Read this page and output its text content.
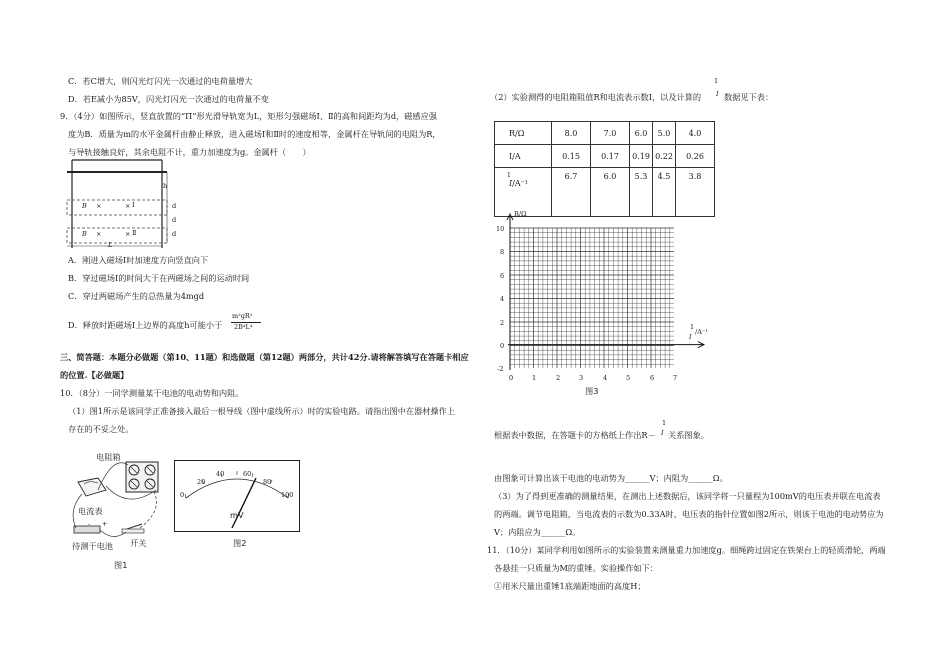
C．若C增大，则闪光灯闪光一次通过的电荷量增大
D．若E减小为85V，闪光灯闪光一次通过的电荷量不变
9．（4分）如图所示，竖直放置的“Π”形光滑导轨宽为L，矩形匀强磁场Ⅰ、Ⅱ的高和间距均为d，磁感应强
度为B．质量为m的水平金属杆由静止释放，进入磁场Ⅰ和Ⅱ时的速度相等，金属杆在导轨间的电阻为R，
与导轨接触良好，其余电阻不计，重力加速度为g。金属杆（　　）
h
d
d
d
B ×	× Ⅰ
B ×	× Ⅱ
L
A．刚进入磁场Ⅰ时加速度方向竖直向下
B．穿过磁场Ⅰ的时间大于在两磁场之间的运动时间
C．穿过两磁场产生的总热量为4mgd
D．释放时距磁场Ⅰ上边界的高度h可能小于
m²gR²
2B⁴L⁴
三、简答题：本题分必做题（第10、11题）和选做题（第12题）两部分，共计42分.请将解答填写在答题卡相应
的位置.【必做题】
10．（8分）一同学测量某干电池的电动势和内阻。
（1）图1所示是该同学正准备接入最后一根导线（图中虚线所示）时的实验电路。请指出图中在器材操作上
存在的不妥之处。
电阻箱
电流表
- +
待测干电池 开关
图1
0
20
40	60
80
100
mV
图2
1
（2）实验测得的电阻箱阻值R和电流表示数I，以及计算的 I 数据见下表：
R/Ω	8.0	7.0	6.0	5.0	4.0
I/A	0.15	0.17	0.19	0.22	0.26

1
I/A⁻¹	6.7	6.0	5.3	4.5	3.8
R/Ω
10
8
6
4
2
0
-2
0	1	2	3	4	5	6	7
1
I
/A⁻¹
图3
根据表中数据，在答题卡的方格纸上作出R－
1
I 关系图象。
由图象可计算出该干电池的电动势为______V；内阻为______Ω。
（3）为了得到更准确的测量结果，在测出上述数据后，该同学将一只量程为100mV的电压表并联在电流表
的两端。调节电阻箱，当电流表的示数为0.33A时，电压表的指针位置如图2所示，则该干电池的电动势应为
V；内阻应为______Ω。
11．（10分）某同学利用如图所示的实验装置来测量重力加速度g。细绳跨过固定在铁架台上的轻质滑轮，两端
各悬挂一只质量为M的重锤。实验操作如下：
①用米尺量出重锤1底端距地面的高度H；
